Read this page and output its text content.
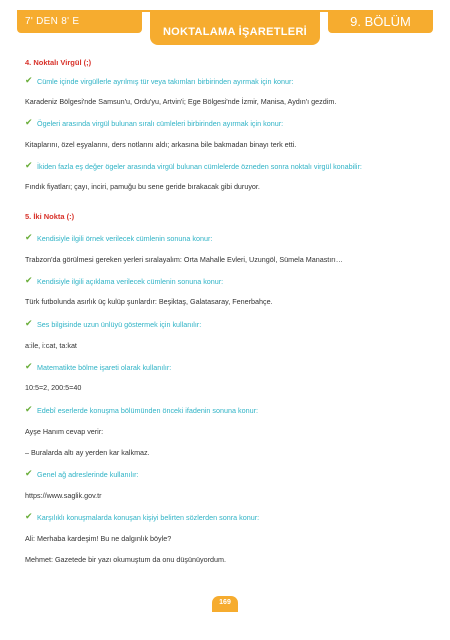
7' DEN 8' E
NOKTALAMA İŞARETLERİ
9. BÖLÜM

4. Noktalı Virgül (;)

✔ Cümle içinde virgüllerle ayrılmış tür veya takımları birbirinden ayırmak için konur:

Karadeniz Bölgesi'nde Samsun'u, Ordu'yu, Artvin'i; Ege Bölgesi'nde İzmir, Manisa, Aydın'ı gezdim.

✔ Ögeleri arasında virgül bulunan sıralı cümleleri birbirinden ayırmak için konur:

Kitaplarını, özel eşyalarını, ders notlarını aldı; arkasına bile bakmadan binayı terk etti.

✔ İkiden fazla eş değer ögeler arasında virgül bulunan cümlelerde özneden sonra noktalı virgül konabilir:

Fındık fiyatları; çayı, inciri, pamuğu bu sene geride bırakacak gibi duruyor.

5. İki Nokta (:)

✔ Kendisiyle ilgili örnek verilecek cümlenin sonuna konur:

Trabzon'da görülmesi gereken yerleri sıralayalım: Orta Mahalle Evleri, Uzungöl, Sümela Manastırı…

✔ Kendisiyle ilgili açıklama verilecek cümlenin sonuna konur:

Türk futbolunda asırlık üç kulüp şunlardır: Beşiktaş, Galatasaray, Fenerbahçe.

✔ Ses bilgisinde uzun ünlüyü göstermek için kullanılır:

a:ile, i:cat, ta:kat

✔ Matematikte bölme işareti olarak kullanılır:

10:5=2, 200:5=40

✔ Edebî eserlerde konuşma bölümünden önceki ifadenin sonuna konur:

Ayşe Hanım cevap verir:

– Buralarda altı ay yerden kar kalkmaz.

✔ Genel ağ adreslerinde kullanılır:

https://www.saglik.gov.tr

✔ Karşılıklı konuşmalarda konuşan kişiyi belirten sözlerden sonra konur:

Ali: Merhaba kardeşim! Bu ne dalgınlık böyle?

Mehmet: Gazetede bir yazı okumuştum da onu düşünüyordum.

169
